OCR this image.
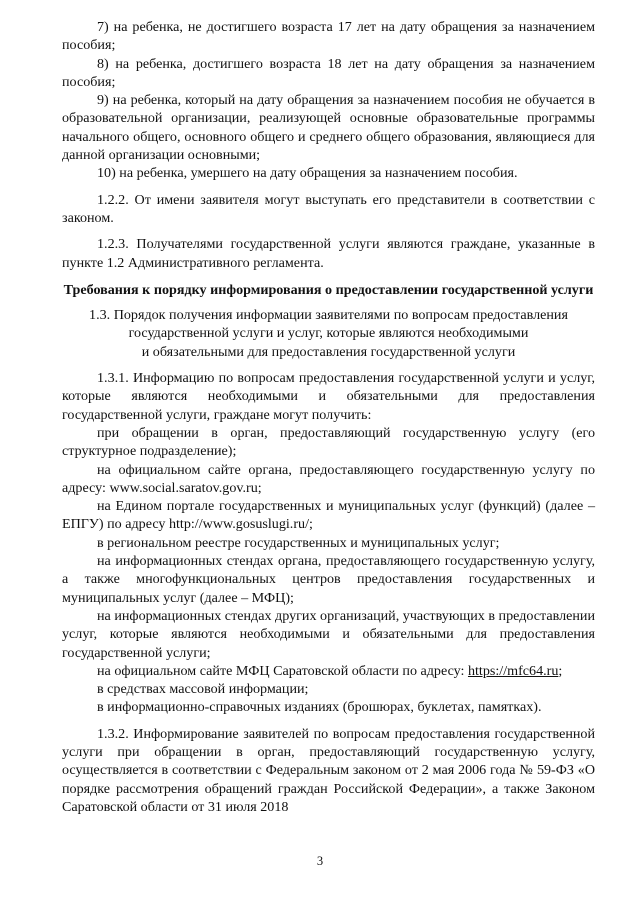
7) на ребенка, не достигшего возраста 17 лет на дату обращения за назначением пособия;

8) на ребенка, достигшего возраста 18 лет на дату обращения за назначением пособия;

9) на ребенка, который на дату обращения за назначением пособия не обучается в образовательной организации, реализующей основные образовательные программы начального общего, основного общего и среднего общего образования, являющиеся для данной организации основными;

10) на ребенка, умершего на дату обращения за назначением пособия.

1.2.2. От имени заявителя могут выступать его представители в соответствии с законом.

1.2.3. Получателями государственной услуги являются граждане, указанные в пункте 1.2 Административного регламента.

Требования к порядку информирования о предоставлении государственной услуги

1.3. Порядок получения информации заявителями по вопросам предоставления
государственной услуги и услуг, которые являются необходимыми
и обязательными для предоставления государственной услуги

1.3.1. Информацию по вопросам предоставления государственной услуги и услуг, которые являются необходимыми и обязательными для предоставления государственной услуги, граждане могут получить:

при обращении в орган, предоставляющий государственную услугу (его структурное подразделение);

на официальном сайте органа, предоставляющего государственную услугу по адресу: www.social.saratov.gov.ru;

на Едином портале государственных и муниципальных услуг (функций) (далее – ЕПГУ) по адресу http://www.gosuslugi.ru/;

в региональном реестре государственных и муниципальных услуг;

на информационных стендах органа, предоставляющего государственную услугу, а также многофункциональных центров предоставления государственных и муниципальных услуг (далее – МФЦ);

на информационных стендах других организаций, участвующих в предоставлении услуг, которые являются необходимыми и обязательными для предоставления государственной услуги;

на официальном сайте МФЦ Саратовской области по адресу: https://mfc64.ru;

в средствах массовой информации;

в информационно-справочных изданиях (брошюрах, буклетах, памятках).

1.3.2. Информирование заявителей по вопросам предоставления государственной услуги при обращении в орган, предоставляющий государственную услугу, осуществляется в соответствии с Федеральным законом от 2 мая 2006 года № 59-ФЗ «О порядке рассмотрения обращений граждан Российской Федерации», а также Законом Саратовской области от 31 июля 2018

3
